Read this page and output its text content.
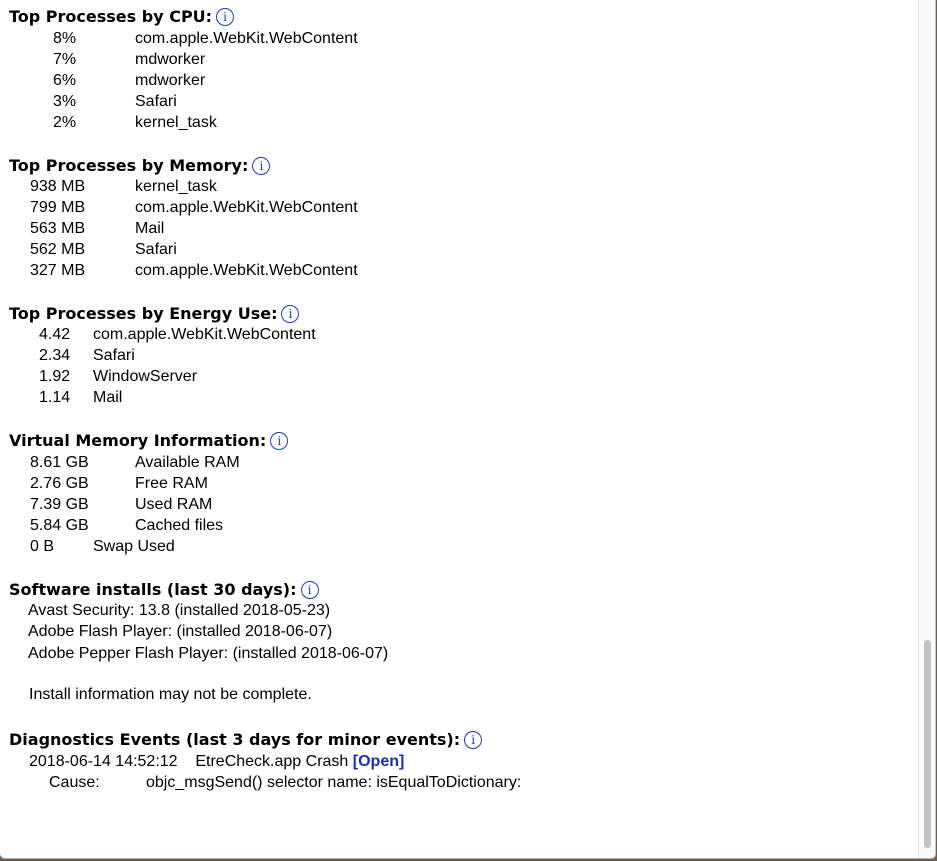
Top Processes by CPU: i
8%	com.apple.WebKit.WebContent
7%	mdworker
6%	mdworker
3%	Safari
2%	kernel_task
Top Processes by Memory: i
938 MB	kernel_task
799 MB	com.apple.WebKit.WebContent
563 MB	Mail
562 MB	Safari
327 MB	com.apple.WebKit.WebContent
Top Processes by Energy Use: i
4.42 com.apple.WebKit.WebContent
2.34 Safari
1.92 WindowServer
1.14 Mail
Virtual Memory Information: i
8.61 GB	Available RAM
2.76 GB	Free RAM
7.39 GB	Used RAM
5.84 GB	Cached files
0 B Swap Used
Software installs (last 30 days): i
Avast Security: 13.8 (installed 2018-05-23)
Adobe Flash Player: (installed 2018-06-07)
Adobe Pepper Flash Player: (installed 2018-06-07)
Install information may not be complete.
Diagnostics Events (last 3 days for minor events): i
2018-06-14 14:52:12 EtreCheck.app Crash [Open]
Cause:	objc_msgSend() selector name: isEqualToDictionary:
